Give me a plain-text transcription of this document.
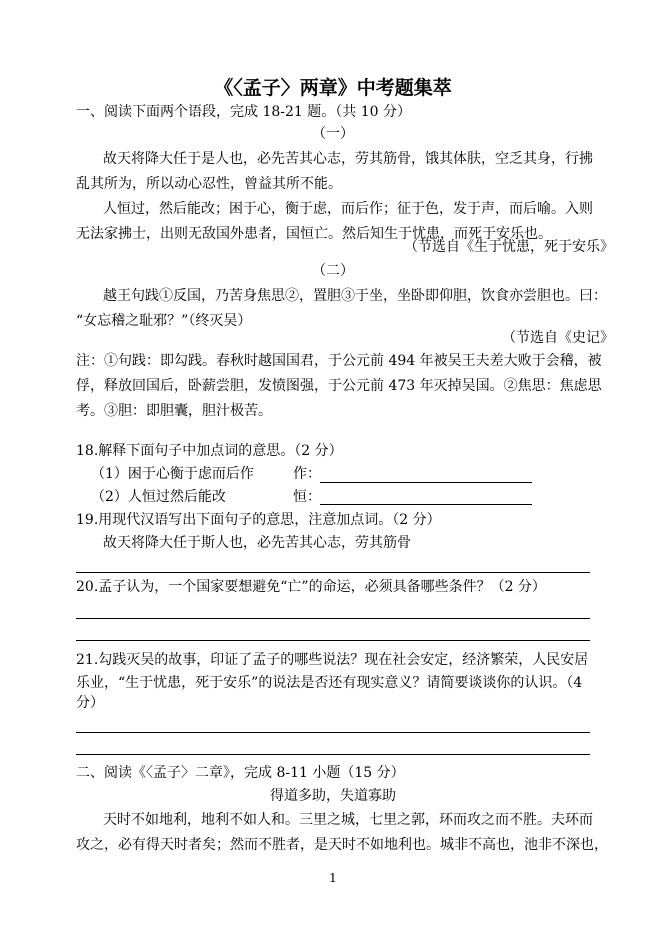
《〈孟子〉两章》中考题集萃
一、阅读下面两个语段，完成 18-21 题。（共 10 分）
（一）
故天将降大任于是人也，必先苦其心志，劳其筋骨，饿其体肤，空乏其身，行拂
乱其所为，所以动心忍性，曾益其所不能。
人恒过，然后能改；困于心，衡于虑，而后作；征于色，发于声，而后喻。入则
无法家拂士，出则无敌国外患者，国恒亡。然后知生于忧患，而死于安乐也。
（节选自《生于忧患，死于安乐》
（二）
越王句践①反国，乃苦身焦思②，置胆③于坐，坐卧即仰胆，饮食亦尝胆也。曰：
“女忘稽之耻邪？”（终灭吴）
（节选自《史记》
注：①句践：即勾践。春秋时越国国君，于公元前 494 年被吴王夫差大败于会稽，被
俘，释放回国后，卧薪尝胆，发愤图强，于公元前 473 年灭掉吴国。②焦思：焦虑思
考。③胆：即胆囊，胆汁极苦。
18.解释下面句子中加点词的意思。（2 分）
（1）困于心衡于虑而后作	作：
（2）人恒过然后能改	恒：
19.用现代汉语写出下面句子的意思，注意加点词。（2 分）
故天将降大任于斯人也，必先苦其心志，劳其筋骨
20.孟子认为，一个国家要想避免“亡”的命运，必须具备哪些条件？（2 分）
21.勾践灭吴的故事，印证了孟子的哪些说法？现在社会安定，经济繁荣，人民安居
乐业，“生于忧患，死于安乐”的说法是否还有现实意义？请简要谈谈你的认识。（4
分）
二、阅读《〈孟子〉二章》，完成 8-11 小题（15 分）
得道多助，失道寡助
天时不如地利，地利不如人和。三里之城，七里之郭，环而攻之而不胜。夫环而
攻之，必有得天时者矣；然而不胜者，是天时不如地利也。城非不高也，池非不深也，
1
